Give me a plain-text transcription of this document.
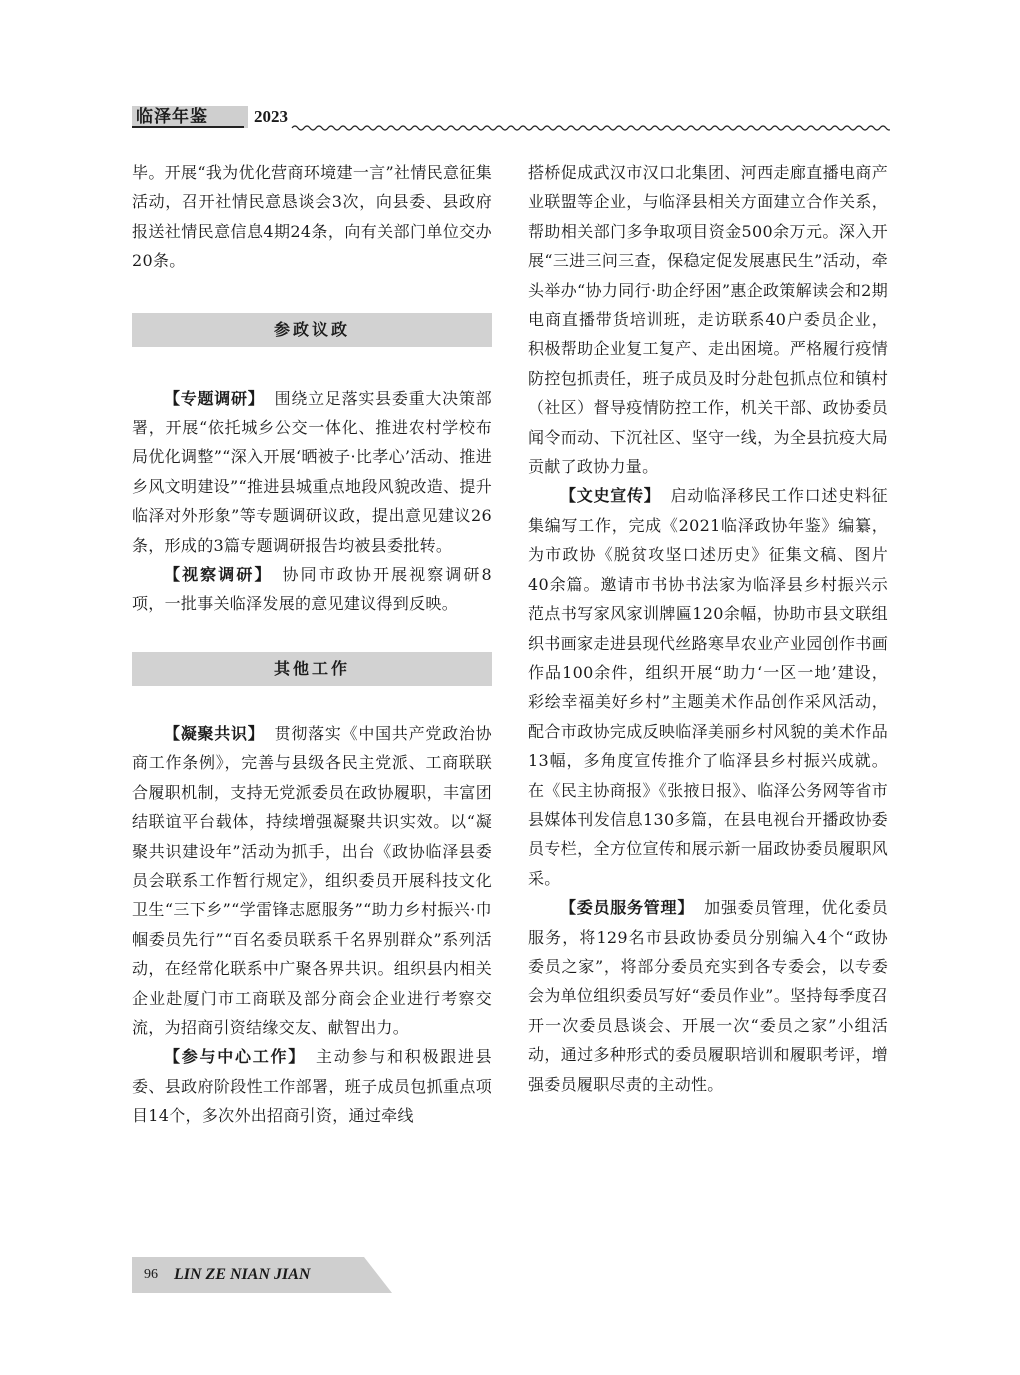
临泽年鉴	2023

毕。开展“我为优化营商环境建一言”社情民意征集活动，召开社情民意恳谈会3次，向县委、县政府报送社情民意信息4期24条，向有关部门单位交办20条。

参政议政

【专题调研】 围绕立足落实县委重大决策部署，开展“依托城乡公交一体化、推进农村学校布局优化调整”“深入开展‘晒被子·比孝心’活动、推进乡风文明建设”“推进县城重点地段风貌改造、提升临泽对外形象”等专题调研议政，提出意见建议26条，形成的3篇专题调研报告均被县委批转。

【视察调研】 协同市政协开展视察调研8项，一批事关临泽发展的意见建议得到反映。

其他工作

【凝聚共识】 贯彻落实《中国共产党政治协商工作条例》，完善与县级各民主党派、工商联联合履职机制，支持无党派委员在政协履职，丰富团结联谊平台载体，持续增强凝聚共识实效。以“凝聚共识建设年”活动为抓手，出台《政协临泽县委员会联系工作暂行规定》，组织委员开展科技文化卫生“三下乡”“学雷锋志愿服务”“助力乡村振兴·巾帼委员先行”“百名委员联系千名界别群众”系列活动，在经常化联系中广聚各界共识。组织县内相关企业赴厦门市工商联及部分商会企业进行考察交流，为招商引资结缘交友、献智出力。

【参与中心工作】 主动参与和积极跟进县委、县政府阶段性工作部署，班子成员包抓重点项目14个，多次外出招商引资，通过牵线

搭桥促成武汉市汉口北集团、河西走廊直播电商产业联盟等企业，与临泽县相关方面建立合作关系，帮助相关部门多争取项目资金500余万元。深入开展“三进三问三查，保稳定促发展惠民生”活动，牵头举办“协力同行·助企纾困”惠企政策解读会和2期电商直播带货培训班，走访联系40户委员企业，积极帮助企业复工复产、走出困境。严格履行疫情防控包抓责任，班子成员及时分赴包抓点位和镇村（社区）督导疫情防控工作，机关干部、政协委员闻令而动、下沉社区、坚守一线，为全县抗疫大局贡献了政协力量。

【文史宣传】 启动临泽移民工作口述史料征集编写工作，完成《2021临泽政协年鉴》编纂，为市政协《脱贫攻坚口述历史》征集文稿、图片40余篇。邀请市书协书法家为临泽县乡村振兴示范点书写家风家训牌匾120余幅，协助市县文联组织书画家走进县现代丝路寒旱农业产业园创作书画作品100余件，组织开展“助力‘一区一地’建设，彩绘幸福美好乡村”主题美术作品创作采风活动，配合市政协完成反映临泽美丽乡村风貌的美术作品13幅，多角度宣传推介了临泽县乡村振兴成就。在《民主协商报》《张掖日报》、临泽公务网等省市县媒体刊发信息130多篇，在县电视台开播政协委员专栏，全方位宣传和展示新一届政协委员履职风采。

【委员服务管理】 加强委员管理，优化委员服务，将129名市县政协委员分别编入4个“政协委员之家”，将部分委员充实到各专委会，以专委会为单位组织委员写好“委员作业”。坚持每季度召开一次委员恳谈会、开展一次“委员之家”小组活动，通过多种形式的委员履职培训和履职考评，增强委员履职尽责的主动性。

96 LIN ZE NIAN JIAN
